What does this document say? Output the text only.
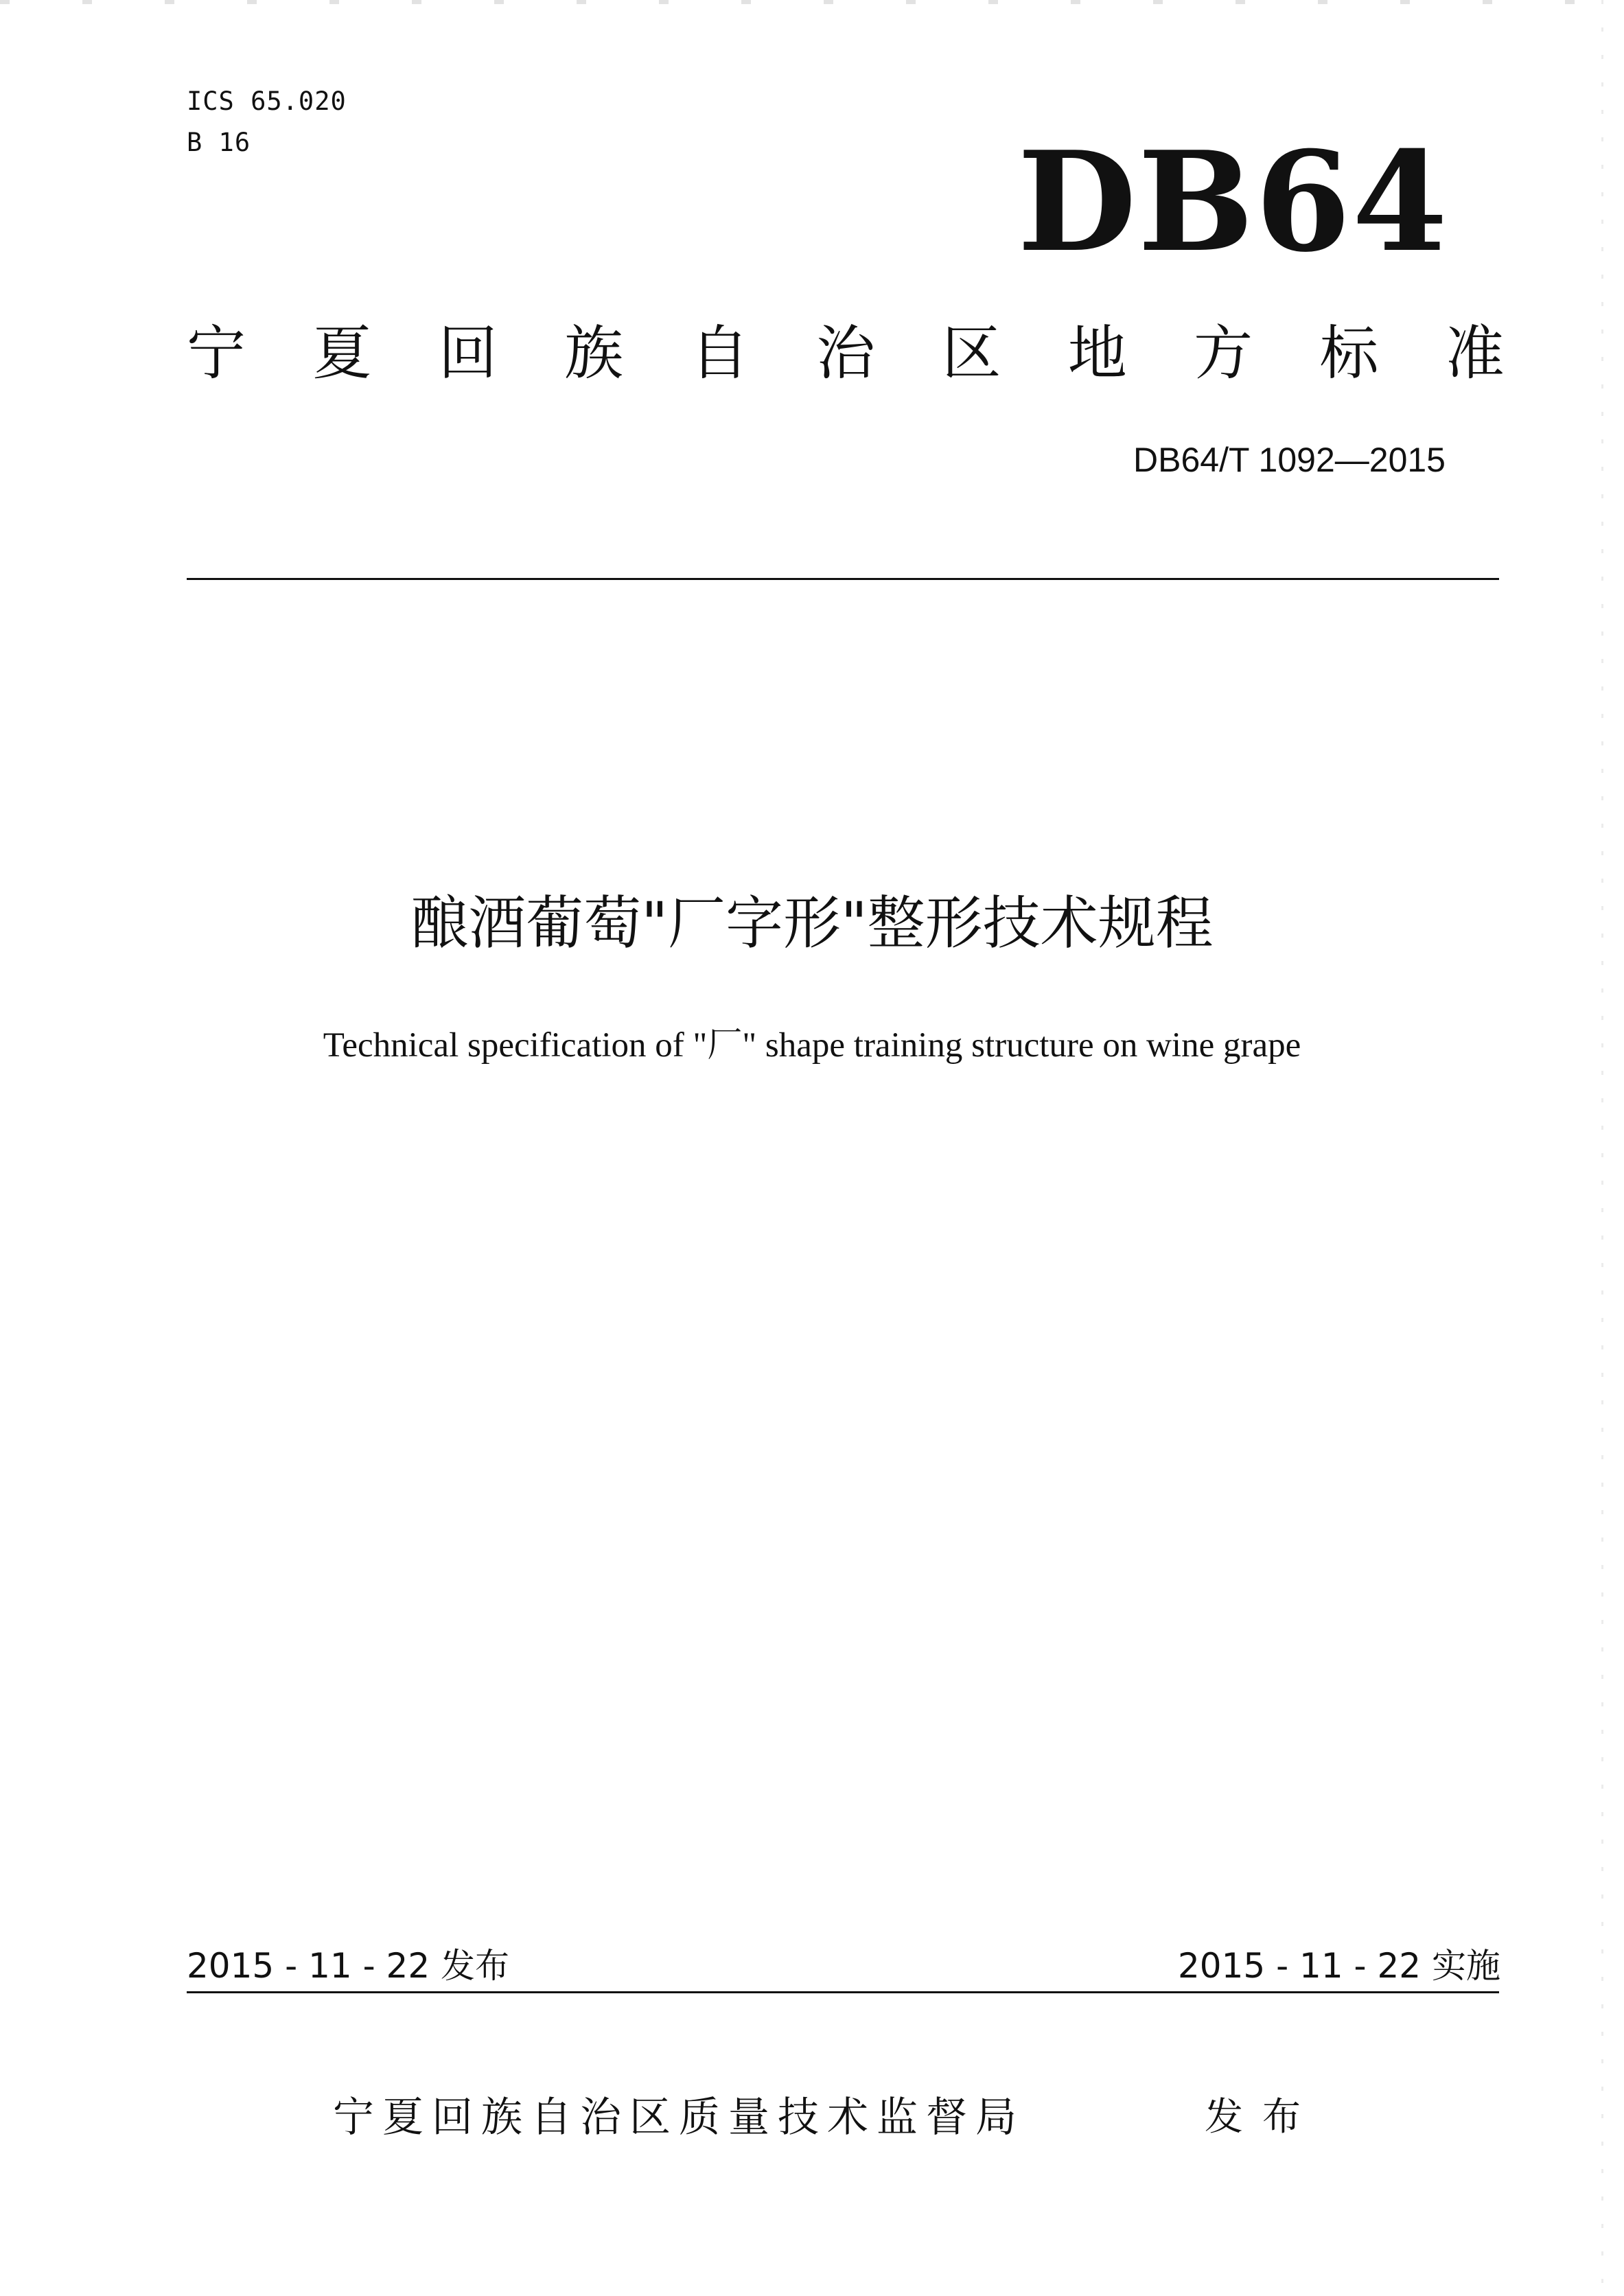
ICS 65.020
B 16	DB64
宁 夏 回 族 自 治 区 地 方 标 准
DB64/T 1092—2015
酿酒葡萄"厂字形"整形技术规程
Technical specification of "厂" shape training structure on wine grape
2015 - 11 - 22 发布	2015 - 11 - 22 实施
宁夏回族自治区质量技术监督局	发布
